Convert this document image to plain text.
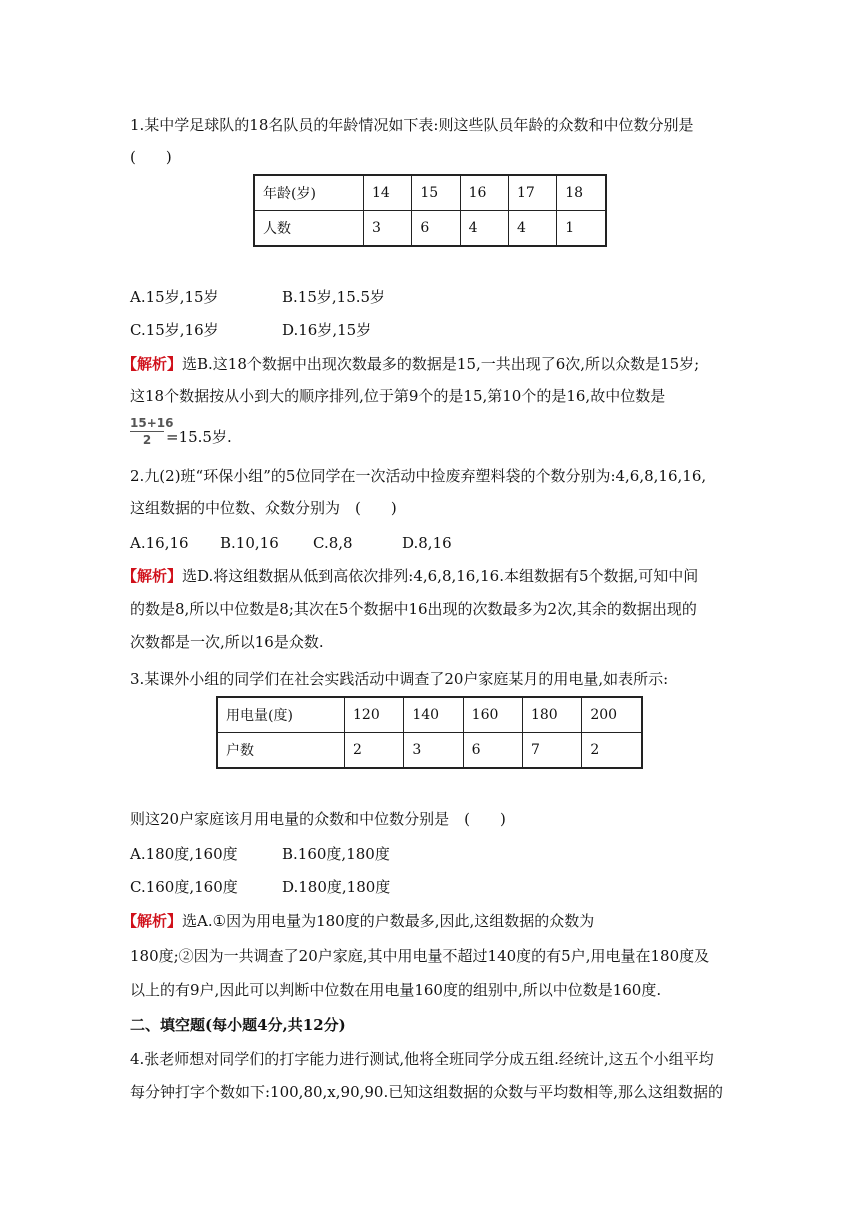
1.某中学足球队的18名队员的年龄情况如下表:则这些队员年龄的众数和中位数分别是
(　　)
年龄(岁)	14	15	16	17	18
人数	3	6	4	4	1
A.15岁,15岁	B.15岁,15.5岁
C.15岁,16岁	D.16岁,15岁
【解析】选B.这18个数据中出现次数最多的数据是15,一共出现了6次,所以众数是15岁;
这18个数据按从小到大的顺序排列,位于第9个的是15,第10个的是16,故中位数是
$\frac{15+16}{2} =15.5$岁.
2.九(2)班“环保小组”的5位同学在一次活动中捡废弃塑料袋的个数分别为:4,6,8,16,16,
这组数据的中位数、众数分别为　(　　)
A.16,16 B.10,16 C.8,8	D.8,16
【解析】选D.将这组数据从低到高依次排列:4,6,8,16,16.本组数据有5个数据,可知中间
的数是8,所以中位数是8;其次在5个数据中16出现的次数最多为2次,其余的数据出现的
次数都是一次,所以16是众数.
3.某课外小组的同学们在社会实践活动中调查了20户家庭某月的用电量,如表所示:
用电量(度)	120	140	160	180	200
户数	2	3	6	7	2
则这20户家庭该月用电量的众数和中位数分别是　(　　)
A.180度,160度	B.160度,180度
C.160度,160度	D.180度,180度
【解析】选A.①因为用电量为180度的户数最多,因此,这组数据的众数为
180度;②因为一共调查了20户家庭,其中用电量不超过140度的有5户,用电量在180度及
以上的有9户,因此可以判断中位数在用电量160度的组别中,所以中位数是160度.
二、填空题(每小题4分,共12分)
4.张老师想对同学们的打字能力进行测试,他将全班同学分成五组.经统计,这五个小组平均
每分钟打字个数如下:100,80,x,90,90.已知这组数据的众数与平均数相等,那么这组数据的
